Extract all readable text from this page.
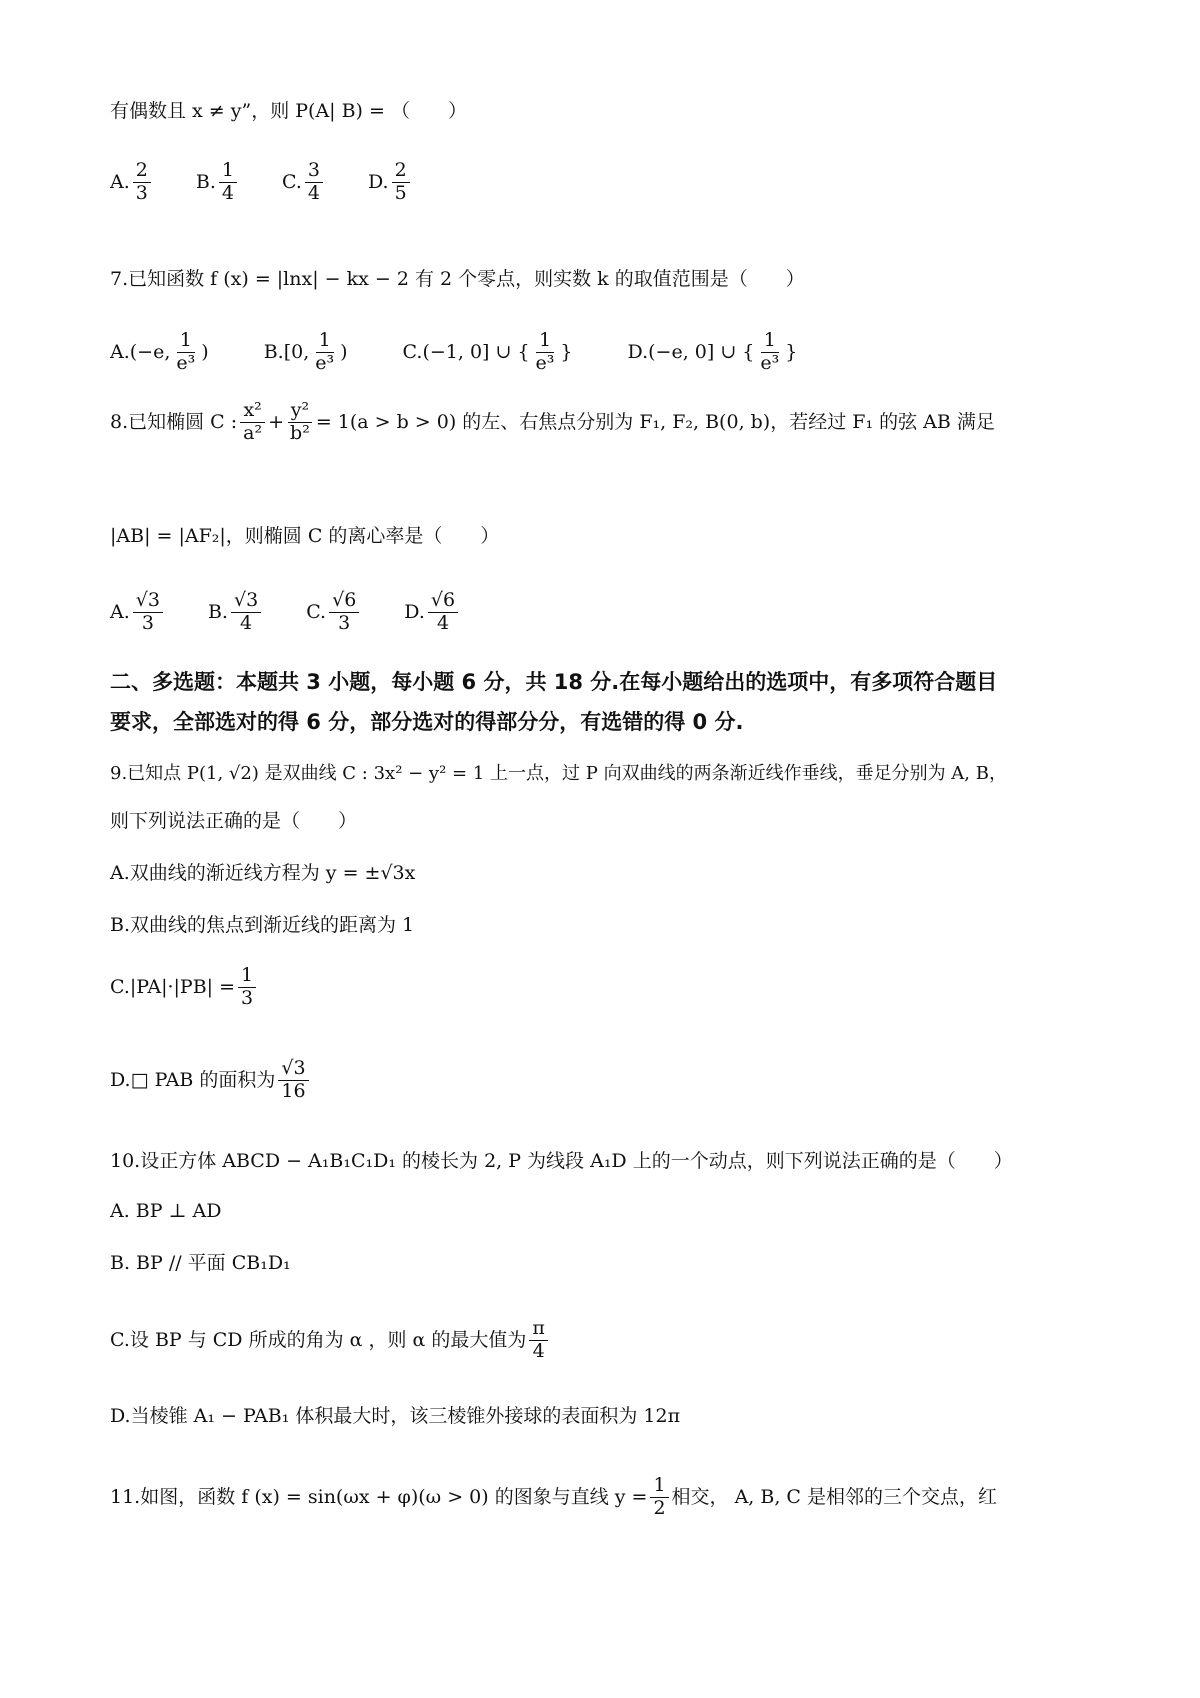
有偶数且 x ≠ y”，则 P(A| B) = （　　）
A. $\frac{2}{3} B$. $\frac{1}{4} C$. $\frac{3}{4} D$. $\frac{2}{5}$
7.已知函数 f (x) = |lnx| − kx − 2 有 2 个零点，则实数 k 的取值范围是（　　）
A. (−e, $\frac{1}{\text{e³}}$ )	B. [0, $\frac{1}{\text{e³}}$ )	C. (−1, 0] ∪ { $\frac{1}{\text{e³}}$ }	D. (−e, 0] ∪ { $\frac{1}{\text{e³}}$ }
8.已知椭圆 C : $\frac{\text{x²}}{\text{a²}} + \frac{\text{y²}}{\text{b²}} = 1(a > b > 0)$ 的左、右焦点分别为 F₁, F₂, B(0, b)，若经过 F₁ 的弦 AB 满足
|AB| = |AF₂|，则椭圆 C 的离心率是（　　）
A. $\frac{√3}{3} B$. $\frac{√3}{4} C$. $\frac{√6}{3} D$. $\frac{√6}{4}$
二、多选题：本题共 3 小题，每小题 6 分，共 18 分.在每小题给出的选项中，有多项符合题目
要求，全部选对的得 6 分，部分选对的得部分分，有选错的得 0 分.
9.已知点 P(1, √2) 是双曲线 C : 3x² − y² = 1 上一点，过 P 向双曲线的两条渐近线作垂线，垂足分别为 A, B，
则下列说法正确的是（　　）
A.双曲线的渐近线方程为 y = ±√3x
B.双曲线的焦点到渐近线的距离为 1
$C.|PA|\cdot|PB| = \frac{1}{3}$
D.□ PAB 的面积为 $\frac{√3}{16}$
10.设正方体 ABCD − A₁B₁C₁D₁ 的棱长为 2, P 为线段 A₁D 上的一个动点，则下列说法正确的是（　　）
A. BP ⊥ AD
B. BP // 平面 CB₁D₁
C.设 BP 与 CD 所成的角为 α ，则 α 的最大值为 $\frac{\pi}{4}$
D.当棱锥 A₁ − PAB₁ 体积最大时，该三棱锥外接球的表面积为 12π
11.如图，函数 f (x) = sin(ωx + φ)(ω > 0) 的图象与直线 $y = \frac{1}{2}$ 相交， A, B, C 是相邻的三个交点，红
